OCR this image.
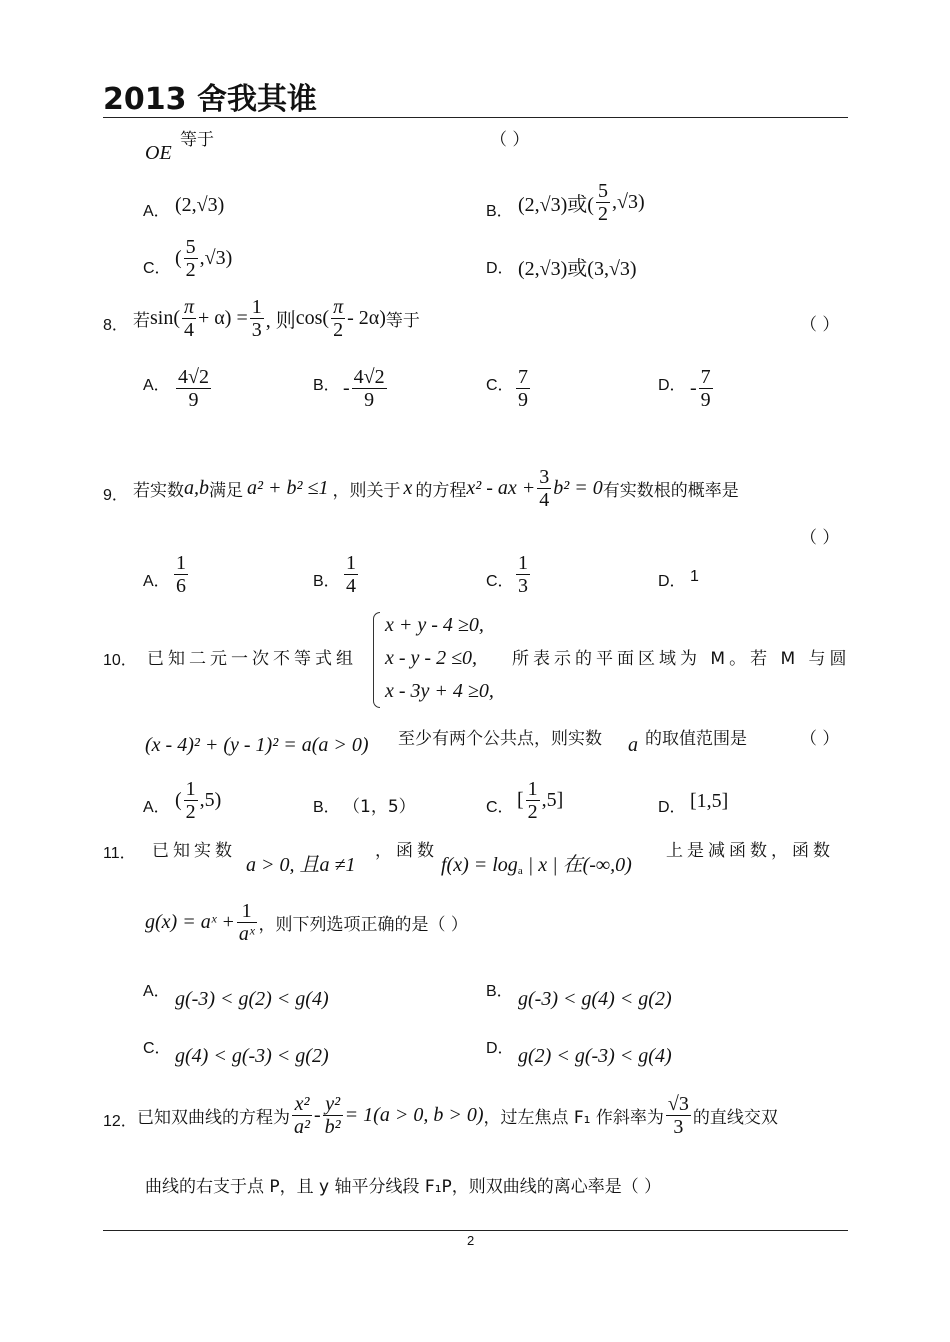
2013 舍我其谁
等于
OE
（ ）
A． (2,√3)	B． (2,√3)或( $\frac{5}{2} ,√3$)
C． ( $\frac{5}{2} ,√3$)	D． (2,√3)或(3,√3)
8． 若$\sin( \frac{\pi}{4} + \alpha) = \frac{1}{3}$ , 则$\cos( \frac{\pi}{2} - 2\alpha)$等于	（ ）
A． $\frac{4√2}{9}$	B． - $\frac{4√2}{9}$	C． $\frac{7}{9}$	D． - $\frac{7}{9}$
9． 若实数a,b满足 a² + b² ≤1 ，则关于 x 的方程x² - ax + $\frac{3}{4} b^2 = 0$有实数根的概率是
（ ）
A． $\frac{1}{6}$	B． $\frac{1}{4}$	C． $\frac{1}{3}$	D． 1
10． 已知二元一次不等式组
x + y - 4 ≥0,
x - y - 2 ≤0,
x - 3y + 4 ≥0,
所表示的平面区域为 M。若 M 与圆
(x - 4)² + (y - 1)² = a(a > 0) 至少有两个公共点，则实数 a 的取值范围是	（ ）
A． ( $\frac{1}{2} ,5$)	B． （1，5）	C． [ $\frac{1}{2} ,5$]	D． [1,5]
11． 已知实数
a > 0, 且a ≠1
，函数
$f(x) = \log_a$ | x | 在(-∞,0)
上是减函数，函数
g(x) = aˣ + $\frac{1}{\text{aˣ}}$ ，则下列选项正确的是（ ）
A． g(-3) < g(2) < g(4)	B． g(-3) < g(4) < g(2)
C． g(4) < g(-3) < g(2)	D． g(2) < g(-3) < g(4)
12． 已知双曲线的方程为 $\frac{\text{x²}}{\text{a²}} - \frac{\text{y²}}{\text{b²}} = 1(a > 0$, b > 0)，过左焦点 F₁ 作斜率为 $\frac{√3}{3}$ 的直线交双
曲线的右支于点 P，且 y 轴平分线段 F₁P，则双曲线的离心率是（ ）
2
